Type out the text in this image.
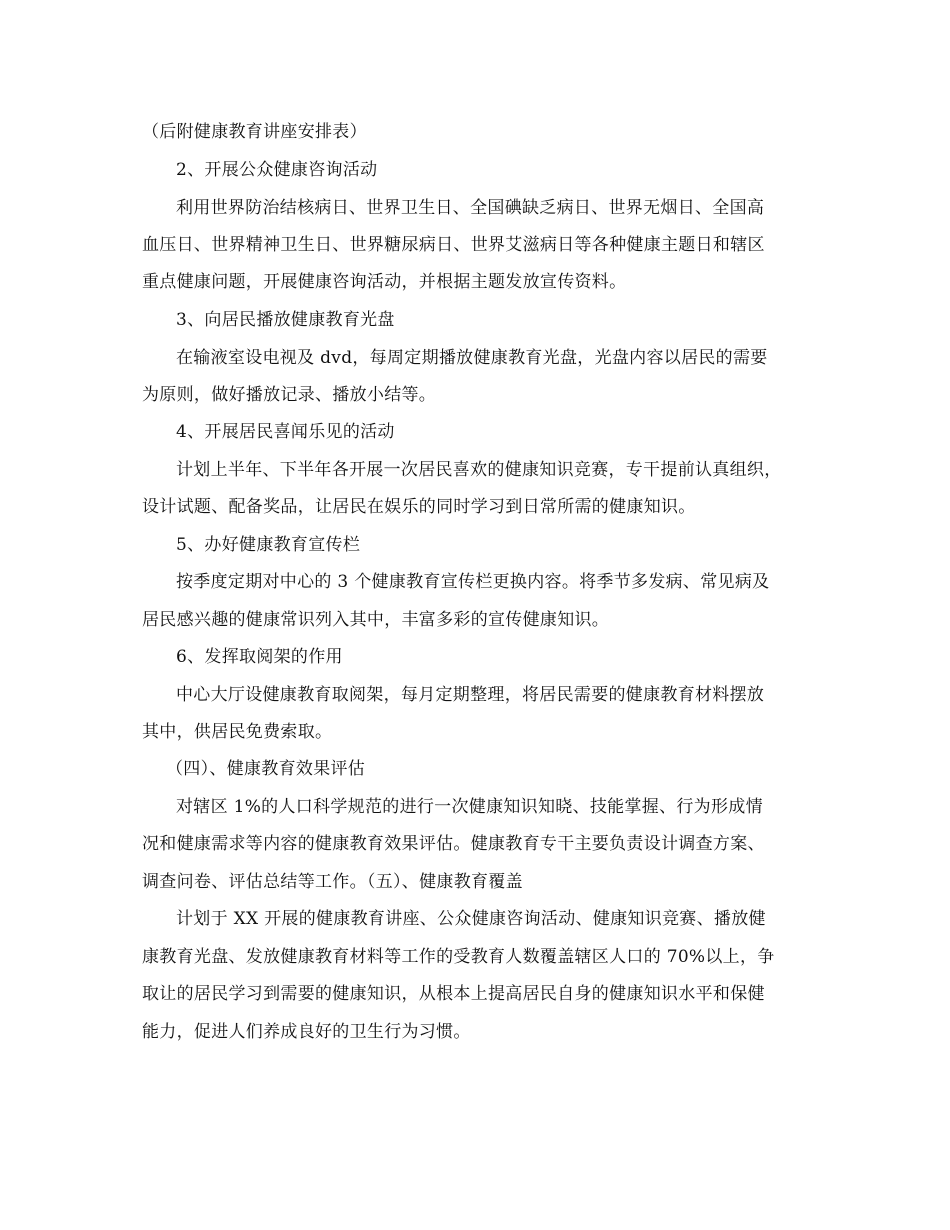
（后附健康教育讲座安排表）
2、开展公众健康咨询活动
利用世界防治结核病日、世界卫生日、全国碘缺乏病日、世界无烟日、全国高
血压日、世界精神卫生日、世界糖尿病日、世界艾滋病日等各种健康主题日和辖区
重点健康问题，开展健康咨询活动，并根据主题发放宣传资料。
3、向居民播放健康教育光盘
在输液室设电视及 dvd，每周定期播放健康教育光盘，光盘内容以居民的需要
为原则，做好播放记录、播放小结等。
4、开展居民喜闻乐见的活动
计划上半年、下半年各开展一次居民喜欢的健康知识竞赛，专干提前认真组织，
设计试题、配备奖品，让居民在娱乐的同时学习到日常所需的健康知识。
5、办好健康教育宣传栏
按季度定期对中心的 3 个健康教育宣传栏更换内容。将季节多发病、常见病及
居民感兴趣的健康常识列入其中，丰富多彩的宣传健康知识。
6、发挥取阅架的作用
中心大厅设健康教育取阅架，每月定期整理，将居民需要的健康教育材料摆放
其中，供居民免费索取。
（四）、健康教育效果评估
对辖区 1%的人口科学规范的进行一次健康知识知晓、技能掌握、行为形成情
况和健康需求等内容的健康教育效果评估。健康教育专干主要负责设计调查方案、
调查问卷、评估总结等工作。（五）、健康教育覆盖
计划于 XX 开展的健康教育讲座、公众健康咨询活动、健康知识竞赛、播放健
康教育光盘、发放健康教育材料等工作的受教育人数覆盖辖区人口的 70%以上，争
取让的居民学习到需要的健康知识，从根本上提高居民自身的健康知识水平和保健
能力，促进人们养成良好的卫生行为习惯。
